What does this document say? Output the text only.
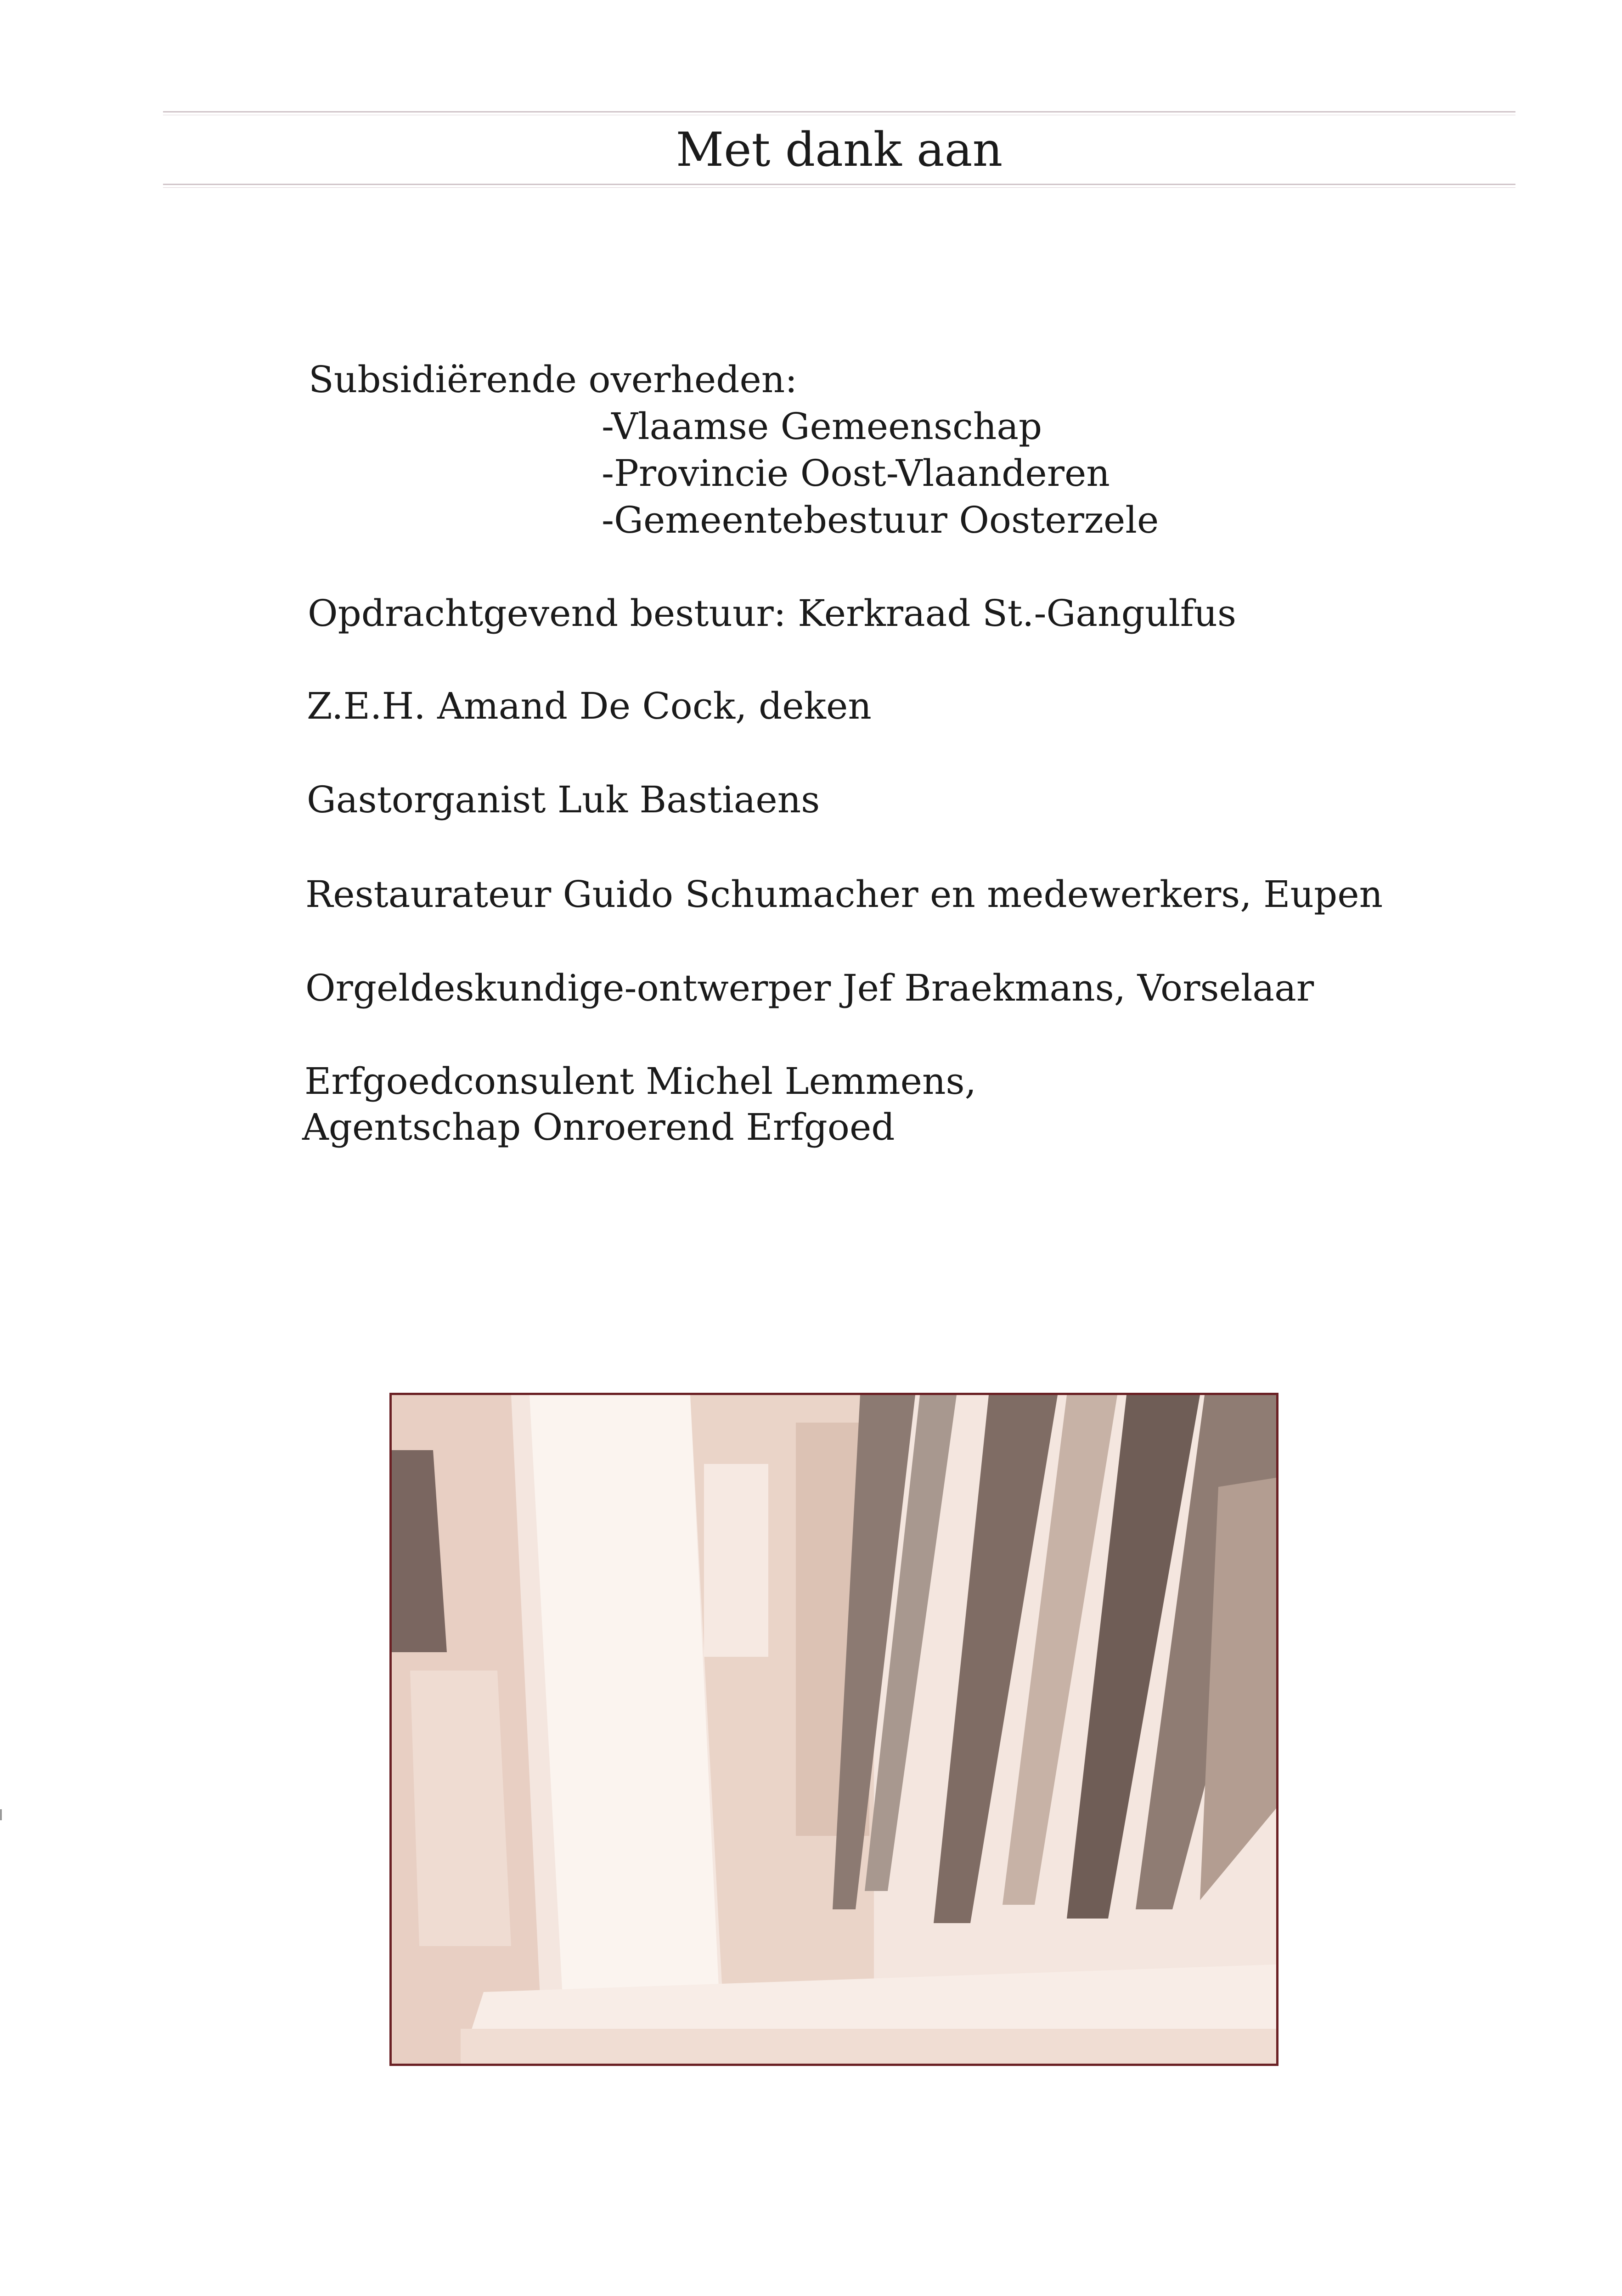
Met dank aan
Subsidiërende overheden:
-Vlaamse Gemeenschap
-Provincie Oost-Vlaanderen
-Gemeentebestuur Oosterzele
Opdrachtgevend bestuur: Kerkraad St.-Gangulfus
Z.E.H. Amand De Cock, deken
Gastorganist Luk Bastiaens
Restaurateur Guido Schumacher en medewerkers, Eupen
Orgeldeskundige-ontwerper Jef Braekmans, Vorselaar
Erfgoedconsulent Michel Lemmens,
Agentschap Onroerend Erfgoed
